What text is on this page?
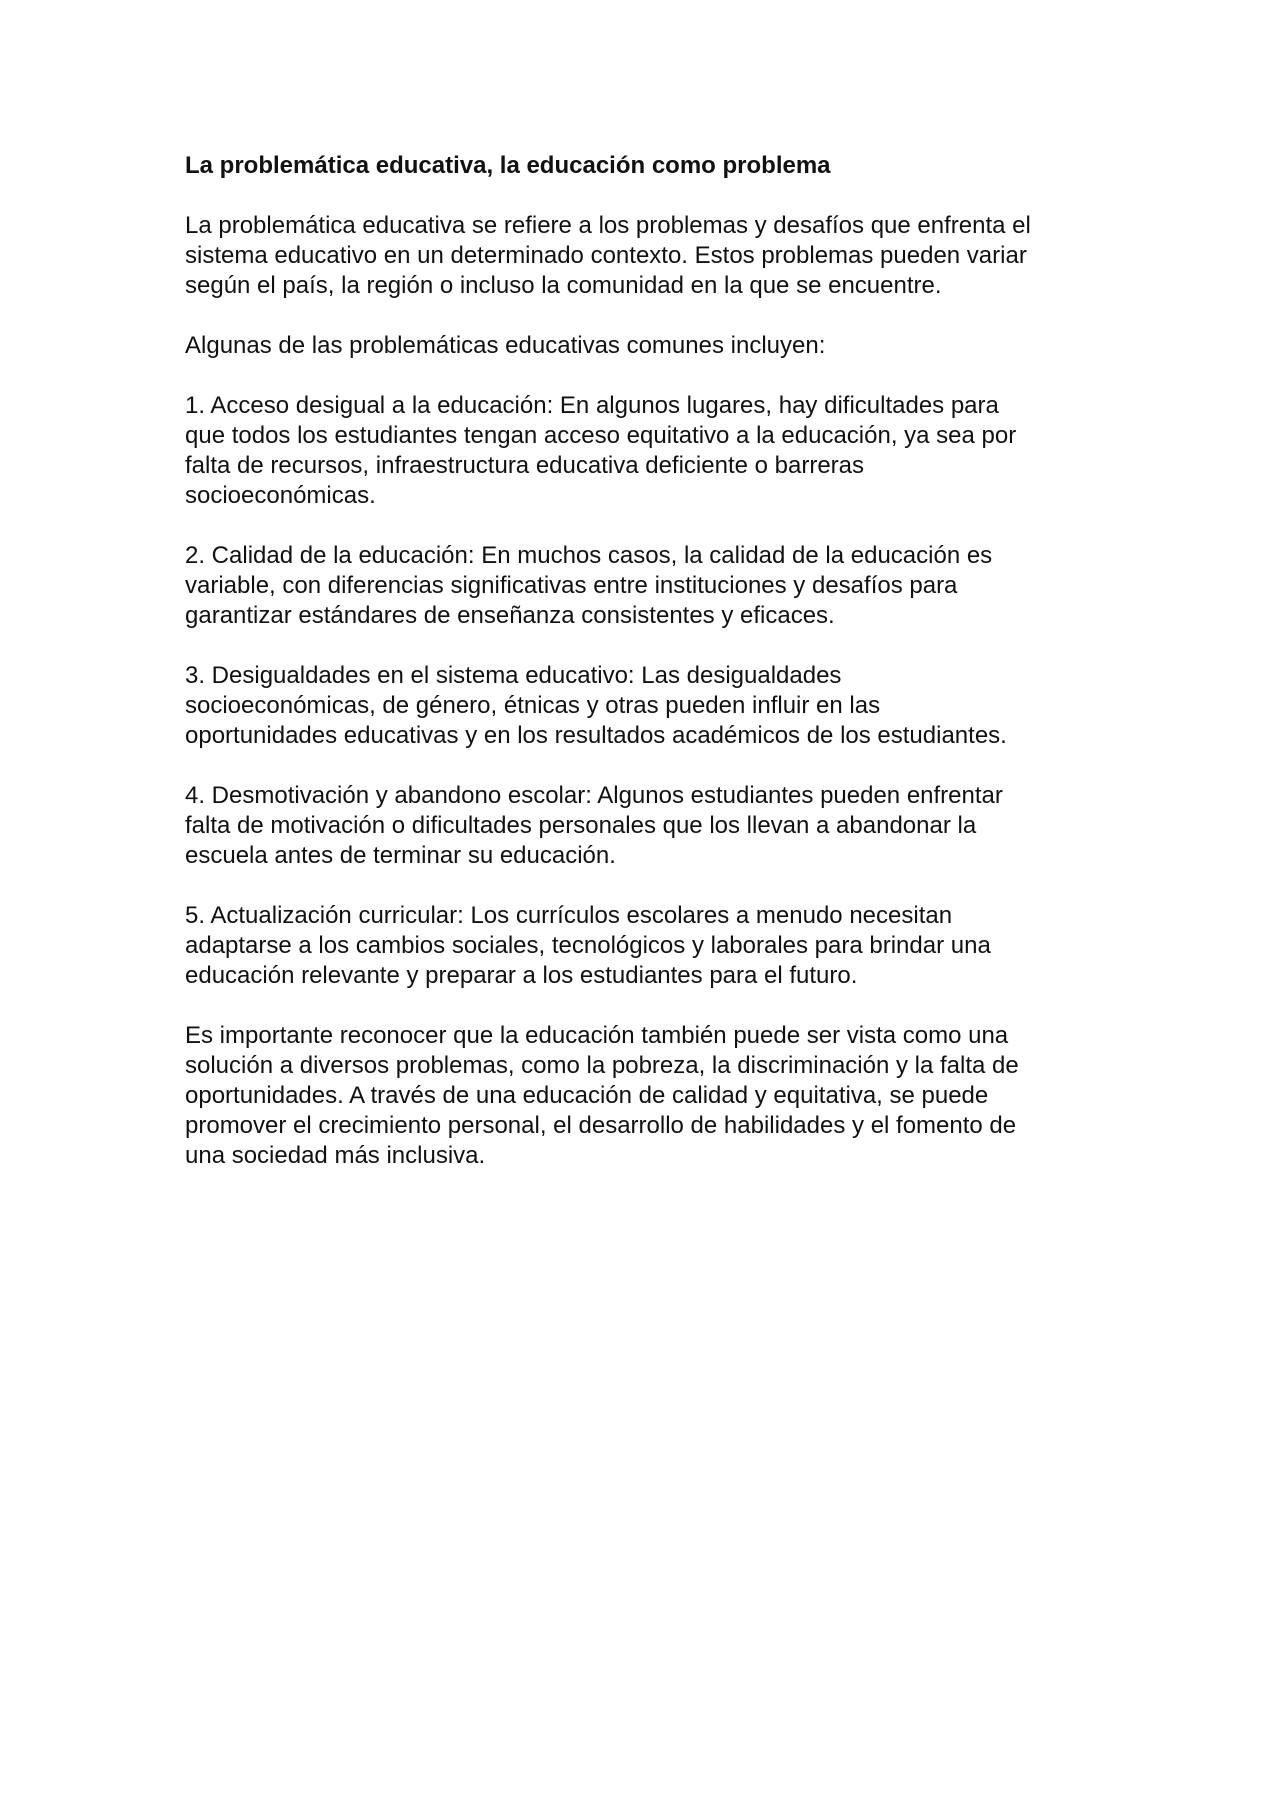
La problemática educativa, la educación como problema

La problemática educativa se refiere a los problemas y desafíos que enfrenta el
sistema educativo en un determinado contexto. Estos problemas pueden variar
según el país, la región o incluso la comunidad en la que se encuentre.

Algunas de las problemáticas educativas comunes incluyen:

1. Acceso desigual a la educación: En algunos lugares, hay dificultades para
que todos los estudiantes tengan acceso equitativo a la educación, ya sea por
falta de recursos, infraestructura educativa deficiente o barreras
socioeconómicas.

2. Calidad de la educación: En muchos casos, la calidad de la educación es
variable, con diferencias significativas entre instituciones y desafíos para
garantizar estándares de enseñanza consistentes y eficaces.

3. Desigualdades en el sistema educativo: Las desigualdades
socioeconómicas, de género, étnicas y otras pueden influir en las
oportunidades educativas y en los resultados académicos de los estudiantes.

4. Desmotivación y abandono escolar: Algunos estudiantes pueden enfrentar
falta de motivación o dificultades personales que los llevan a abandonar la
escuela antes de terminar su educación.

5. Actualización curricular: Los currículos escolares a menudo necesitan
adaptarse a los cambios sociales, tecnológicos y laborales para brindar una
educación relevante y preparar a los estudiantes para el futuro.

Es importante reconocer que la educación también puede ser vista como una
solución a diversos problemas, como la pobreza, la discriminación y la falta de
oportunidades. A través de una educación de calidad y equitativa, se puede
promover el crecimiento personal, el desarrollo de habilidades y el fomento de
una sociedad más inclusiva.
